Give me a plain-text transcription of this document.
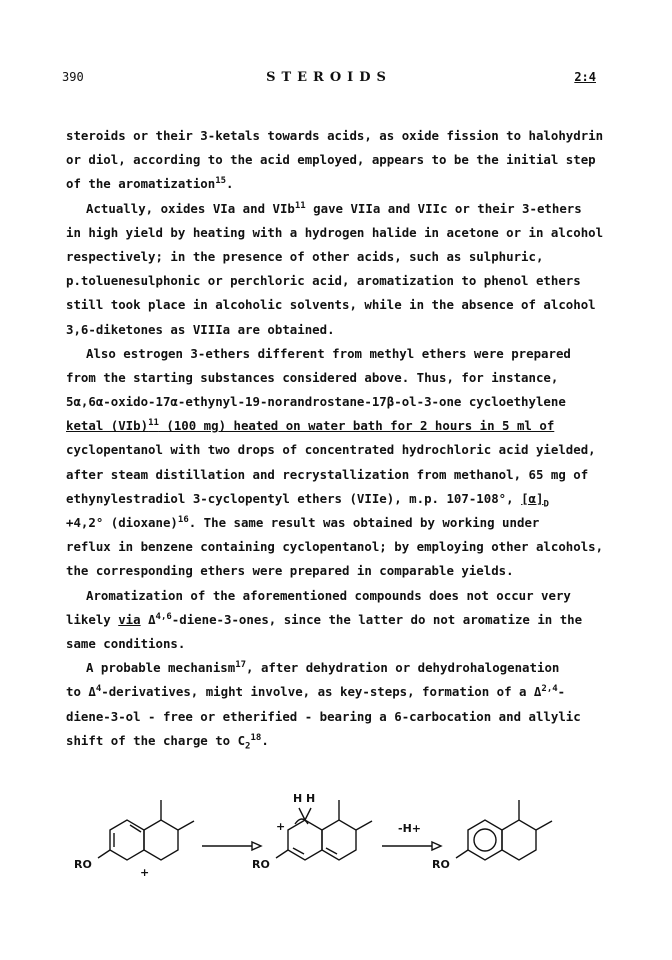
390	STEROIDS	2:4
steroids or their 3-ketals towards acids, as oxide fission to halohydrin
or diol, according to the acid employed, appears to be the initial step
of the aromatization$^{15}$.
Actually, oxides VIa and VIb$^{11}$ gave VIIa and VIIc or their 3-ethers
in high yield by heating with a hydrogen halide in acetone or in alcohol
respectively; in the presence of other acids, such as sulphuric,
p.toluenesulphonic or perchloric acid, aromatization to phenol ethers
still took place in alcoholic solvents, while in the absence of alcohol
3,6-diketones as VIIIa are obtained.
Also estrogen 3-ethers different from methyl ethers were prepared
from the starting substances considered above. Thus, for instance,
5α,6α-oxido-17α-ethynyl-19-norandrostane-17β-ol-3-one cycloethylene
ketal (VIb)$^{11}$ (100 mg) heated on water bath for 2 hours in 5 ml of
cyclopentanol with two drops of concentrated hydrochloric acid yielded,
after steam distillation and recrystallization from methanol, 65 mg of
ethynylestradiol 3-cyclopentyl ethers (VIIe), m.p. 107-108°, $[\alpha]_D$
+4,2° (dioxane)$^{16}$. The same result was obtained by working under
reflux in benzene containing cyclopentanol; by employing other alcohols,
the corresponding ethers were prepared in comparable yields.
Aromatization of the aforementioned compounds does not occur very
likely via Δ$^{4,6}$-diene-3-ones, since the latter do not aromatize in the
same conditions.
A probable mechanism$^{17}$, after dehydration or dehydrohalogenation
to $\Delta^4$-derivatives, might involve, as key-steps, formation of a Δ$^{2,4}$-
diene-3-ol - free or etherified - bearing a 6-carbocation and allylic
shift of the charge to $C_2^{18}$.
RO
+
RO
+
H H
-H+
RO
